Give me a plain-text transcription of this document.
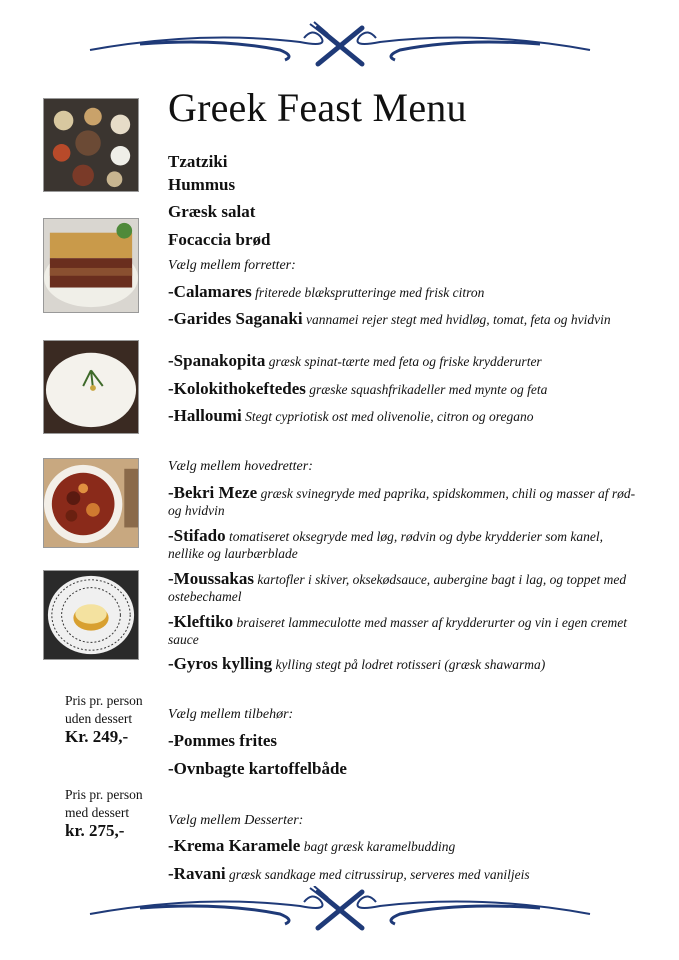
Greek Feast Menu
Tzatziki
Hummus
Græsk salat
Focaccia brød
Vælg mellem forretter:
-Calamares friterede blæksprutteringe med frisk citron
-Garides Saganaki vannamei rejer stegt med hvidløg, tomat, feta og hvidvin
-Spanakopita græsk spinat-tærte med feta og friske krydderurter
-Kolokithokeftedes græske squashfrikadeller med mynte og feta
-Halloumi Stegt cypriotisk ost med olivenolie, citron og oregano
Vælg mellem hovedretter:
-Bekri Meze græsk svinegryde med paprika, spidskommen, chili og masser af rød- og hvidvin
-Stifado tomatiseret oksegryde med løg, rødvin og dybe krydderier som kanel, nellike og laurbærblade
-Moussakas kartofler i skiver, oksekødsauce, aubergine bagt i lag, og toppet med ostebechamel
-Kleftiko braiseret lammeculotte med masser af krydderurter og vin i egen cremet sauce
-Gyros kylling kylling stegt på lodret rotisseri (græsk shawarma)
Vælg mellem tilbehør:
-Pommes frites
-Ovnbagte kartoffelbåde
Vælg mellem Desserter:
-Krema Karamele bagt græsk karamelbudding
-Ravani græsk sandkage med citrussirup, serveres med vaniljeis
Pris pr. person
uden dessert
Kr. 249,-
Pris pr. person
med dessert
kr. 275,-
